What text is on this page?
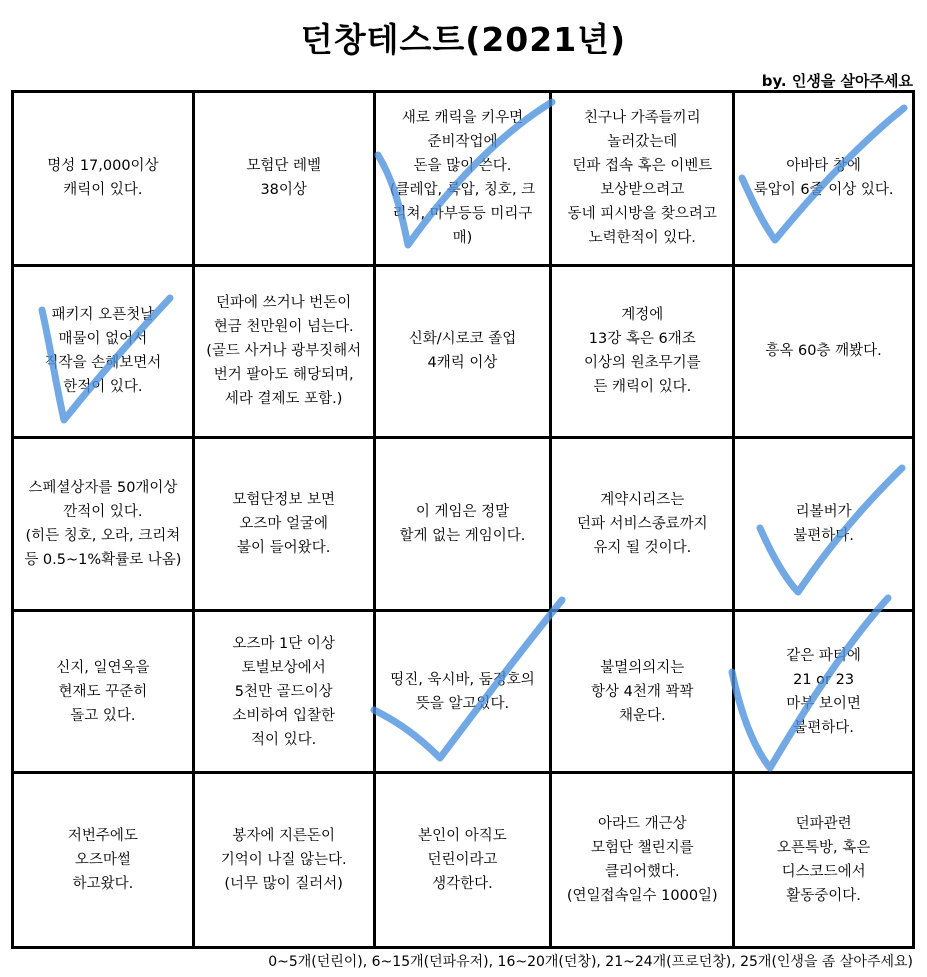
던창테스트(2021년)
by. 인생을 살아주세요
명성 17,000이상
캐릭이 있다.
모험단 레벨
38이상
새로 캐릭을 키우면
준비작업에
돈을 많이 쓴다.
(클레압, 룩압, 칭호, 크
리쳐, 마부등등 미리구
매)
친구나 가족들끼리
놀러갔는데
던파 접속 혹은 이벤트
보상받으려고
동네 피시방을 찾으려고
노력한적이 있다.
아바타 창에
룩압이 6줄 이상 있다.
패키지 오픈첫날
매물이 없어서
직작을 손해보면서
한적이 있다.
던파에 쓰거나 번돈이
현금 천만원이 넘는다.
(골드 사거나 광부짓해서
번거 팔아도 해당되며,
세라 결제도 포함.)
신화/시로코 졸업
4캐릭 이상
계정에
13강 혹은 6개조
이상의 원초무기를
든 캐릭이 있다.
흥옥 60층 깨봤다.
스페셜상자를 50개이상
깐적이 있다.
(히든 칭호, 오라, 크리쳐
등 0.5~1%확률로 나옴)
모험단정보 보면
오즈마 얼굴에
불이 들어왔다.
이 게임은 정말
할게 없는 게임이다.
계약시리즈는
던파 서비스종료까지
유지 될 것이다.
리볼버가
불편하다.
신지, 일연옥을
현재도 꾸준히
돌고 있다.
오즈마 1단 이상
토벌보상에서
5천만 골드이상
소비하여 입찰한
적이 있다.
띵진, 욱시바, 둠정호의
뜻을 알고있다.
불멸의의지는
항상 4천개 꽉꽉
채운다.
같은 파티에
21 or 23
마부 보이면
불편하다.
저번주에도
오즈마썰
하고왔다.
봉자에 지른돈이
기억이 나질 않는다.
(너무 많이 질러서)
본인이 아직도
던린이라고
생각한다.
아라드 개근상
모험단 챌린지를
클리어했다.
(연일접속일수 1000일)
던파관련
오픈톡방, 혹은
디스코드에서
활동중이다.
0~5개(던린이), 6~15개(던파유저), 16~20개(던창), 21~24개(프로던창), 25개(인생을 좀 살아주세요)
